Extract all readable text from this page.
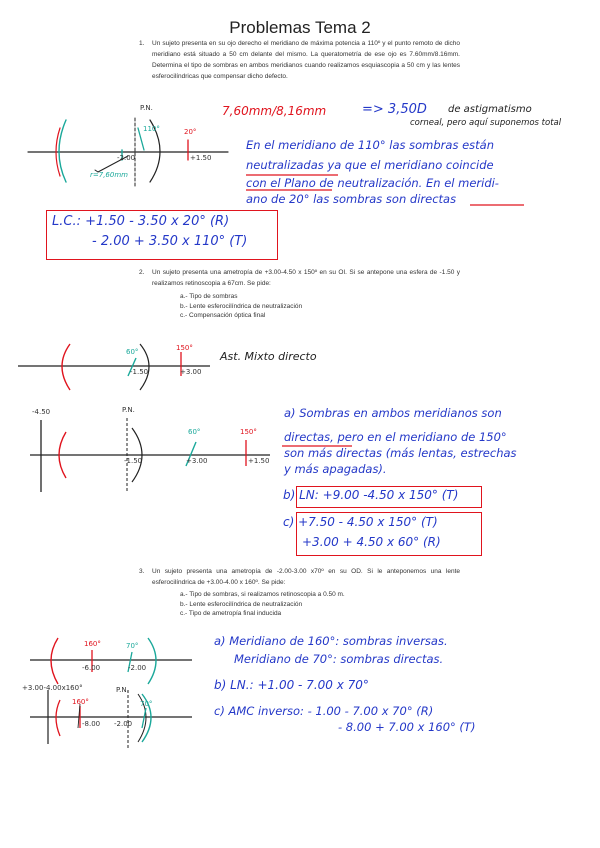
Problemas Tema 2
1. Un sujeto presenta en su ojo derecho el meridiano de máxima potencia a 110º y el punto remoto de dicho meridiano está situado a 50 cm delante del mismo. La queratometría de ese ojo es 7.60mm/8.16mm. Determina el tipo de sombras en ambos meridianos cuando realizamos esquiascopia a 50 cm y las lentes esferocilíndricas que compensar dicho defecto.
P.N.
110°	20°
-2.00	+1.50
r=7,60mm
7,60mm/8,16mm	=> 3,50D de astigmatismo
corneal, pero aquí suponemos total
En el meridiano de 110° las sombras están
neutralizadas ya que el meridiano coincide
con el Plano de neutralización. En el meridi-
ano de 20° las sombras son directas
L.C.: +1.50 - 3.50 x 20° (R)
- 2.00 + 3.50 x 110° (T)
2. Un sujeto presenta una ametropía de +3.00-4.50 x 150º en su OI. Si se antepone una esfera de -1.50 y realizamos retinoscopia a 67cm. Se pide:
a.- Tipo de sombras
b.- Lente esferocilíndrica de neutralización
c.- Compensación óptica final
60°	150°
-1.50	+3.00
Ast. Mixto directo
-4.50	P.N.
60°	150°
-1.50	+3.00	+1.50
a) Sombras en ambos meridianos son
directas, pero en el meridiano de 150°
son más directas (más lentas, estrechas
y más apagadas).
b) LN: +9.00 -4.50 x 150° (T)
c) +7.50 - 4.50 x 150° (T)
+3.00 + 4.50 x 60° (R)
3. Un sujeto presenta una ametropía de -2.00-3.00 x70º en su OD. Si le anteponemos una lente esferocilíndrica de +3.00-4.00 x 160º. Se pide:
a.- Tipo de sombras, si realizamos retinoscopia a 0.50 m.
b.- Lente esferocilíndrica de neutralización
c.- Tipo de ametropía final inducida
160°	70°
-6.00	-2.00
+3.00-4.00x160°	P.N.
160°	70°
-8.00 -2.00
a) Meridiano de 160°: sombras inversas.
Meridiano de 70°: sombras directas.
b) LN.: +1.00 - 7.00 x 70°
c) AMC inverso: - 1.00 - 7.00 x 70° (R)
- 8.00 + 7.00 x 160° (T)
